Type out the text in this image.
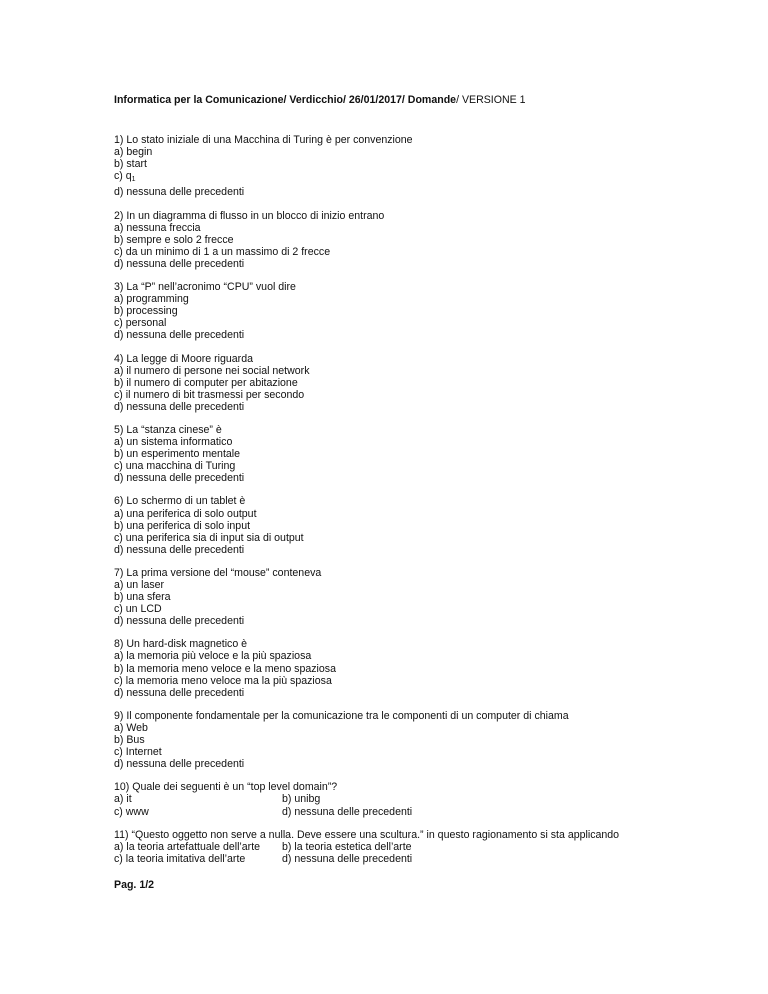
Informatica per la Comunicazione/ Verdicchio/ 26/01/2017/ Domande/ VERSIONE 1
1) Lo stato iniziale di una Macchina di Turing è per convenzione
a) begin
b) start
c) $q_1$
d) nessuna delle precedenti
2) In un diagramma di flusso in un blocco di inizio entrano
a) nessuna freccia
b) sempre e solo 2 frecce
c) da un minimo di 1 a un massimo di 2 frecce
d) nessuna delle precedenti
3) La “P” nell’acronimo “CPU” vuol dire
a) programming
b) processing
c) personal
d) nessuna delle precedenti
4) La legge di Moore riguarda
a) il numero di persone nei social network
b) il numero di computer per abitazione
c) il numero di bit trasmessi per secondo
d) nessuna delle precedenti
5) La “stanza cinese” è
a) un sistema informatico
b) un esperimento mentale
c) una macchina di Turing
d) nessuna delle precedenti
6) Lo schermo di un tablet è
a) una periferica di solo output
b) una periferica di solo input
c) una periferica sia di input sia di output
d) nessuna delle precedenti
7) La prima versione del “mouse” conteneva
a) un laser
b) una sfera
c) un LCD
d) nessuna delle precedenti
8) Un hard-disk magnetico è
a) la memoria più veloce e la più spaziosa
b) la memoria meno veloce e la meno spaziosa
c) la memoria meno veloce ma la più spaziosa
d) nessuna delle precedenti
9) Il componente fondamentale per la comunicazione tra le componenti di un computer di chiama
a) Web
b) Bus
c) Internet
d) nessuna delle precedenti
10) Quale dei seguenti è un “top level domain”?
a) it	b) unibg
c) www	d) nessuna delle precedenti
11) “Questo oggetto non serve a nulla. Deve essere una scultura.” in questo ragionamento si sta applicando
a) la teoria artefattuale dell’arte	b) la teoria estetica dell’arte
c) la teoria imitativa dell’arte	d) nessuna delle precedenti
Pag. 1/2
